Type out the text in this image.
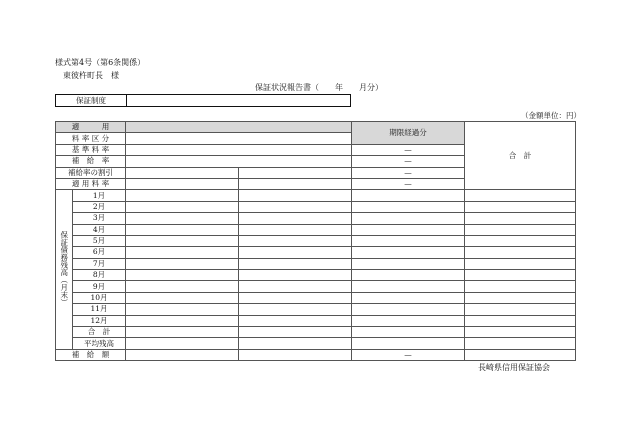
様式第4号（第6条関係）
東彼杵町長　様
保証状況報告書（　　年　　月分）
保証制度	
（金額単位：円）
適　　　用				期限経過分	合　計
料 率 区 分					
基 準 料 率				—	
補　給　率				—	
補給率の割引				—	
適 用 料 率				—	
保証債務残高（月末）	1月				
	2月				
	3月				
	4月				
	5月				
	6月				
	7月				
	8月				
	9月				
	10月				
	11月				
	12月				
	合　計				
	平均残高				
補　給　額				—	
長崎県信用保証協会
